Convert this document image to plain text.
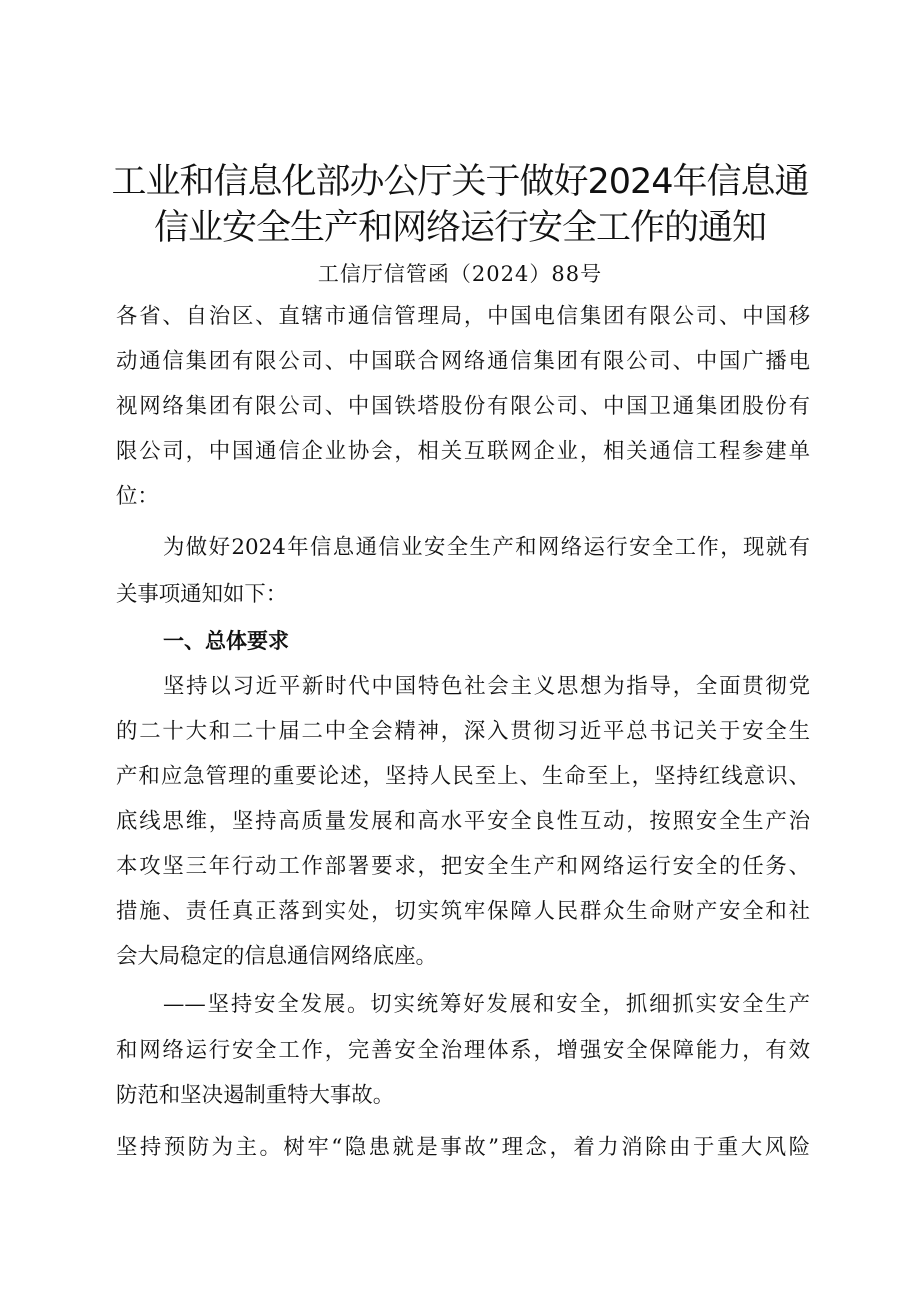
工业和信息化部办公厅关于做好2024年信息通
信业安全生产和网络运行安全工作的通知
工信厅信管函（2024）88号
各省、自治区、直辖市通信管理局，中国电信集团有限公司、中国移
动通信集团有限公司、中国联合网络通信集团有限公司、中国广播电
视网络集团有限公司、中国铁塔股份有限公司、中国卫通集团股份有
限公司，中国通信企业协会，相关互联网企业，相关通信工程参建单
位：
为做好2024年信息通信业安全生产和网络运行安全工作，现就有
关事项通知如下：
一、总体要求
坚持以习近平新时代中国特色社会主义思想为指导，全面贯彻党
的二十大和二十届二中全会精神，深入贯彻习近平总书记关于安全生
产和应急管理的重要论述，坚持人民至上、生命至上，坚持红线意识、
底线思维，坚持高质量发展和高水平安全良性互动，按照安全生产治
本攻坚三年行动工作部署要求，把安全生产和网络运行安全的任务、
措施、责任真正落到实处，切实筑牢保障人民群众生命财产安全和社
会大局稳定的信息通信网络底座。
——坚持安全发展。切实统筹好发展和安全，抓细抓实安全生产
和网络运行安全工作，完善安全治理体系，增强安全保障能力，有效
防范和坚决遏制重特大事故。
坚持预防为主。树牢“隐患就是事故”理念，着力消除由于重大风险
